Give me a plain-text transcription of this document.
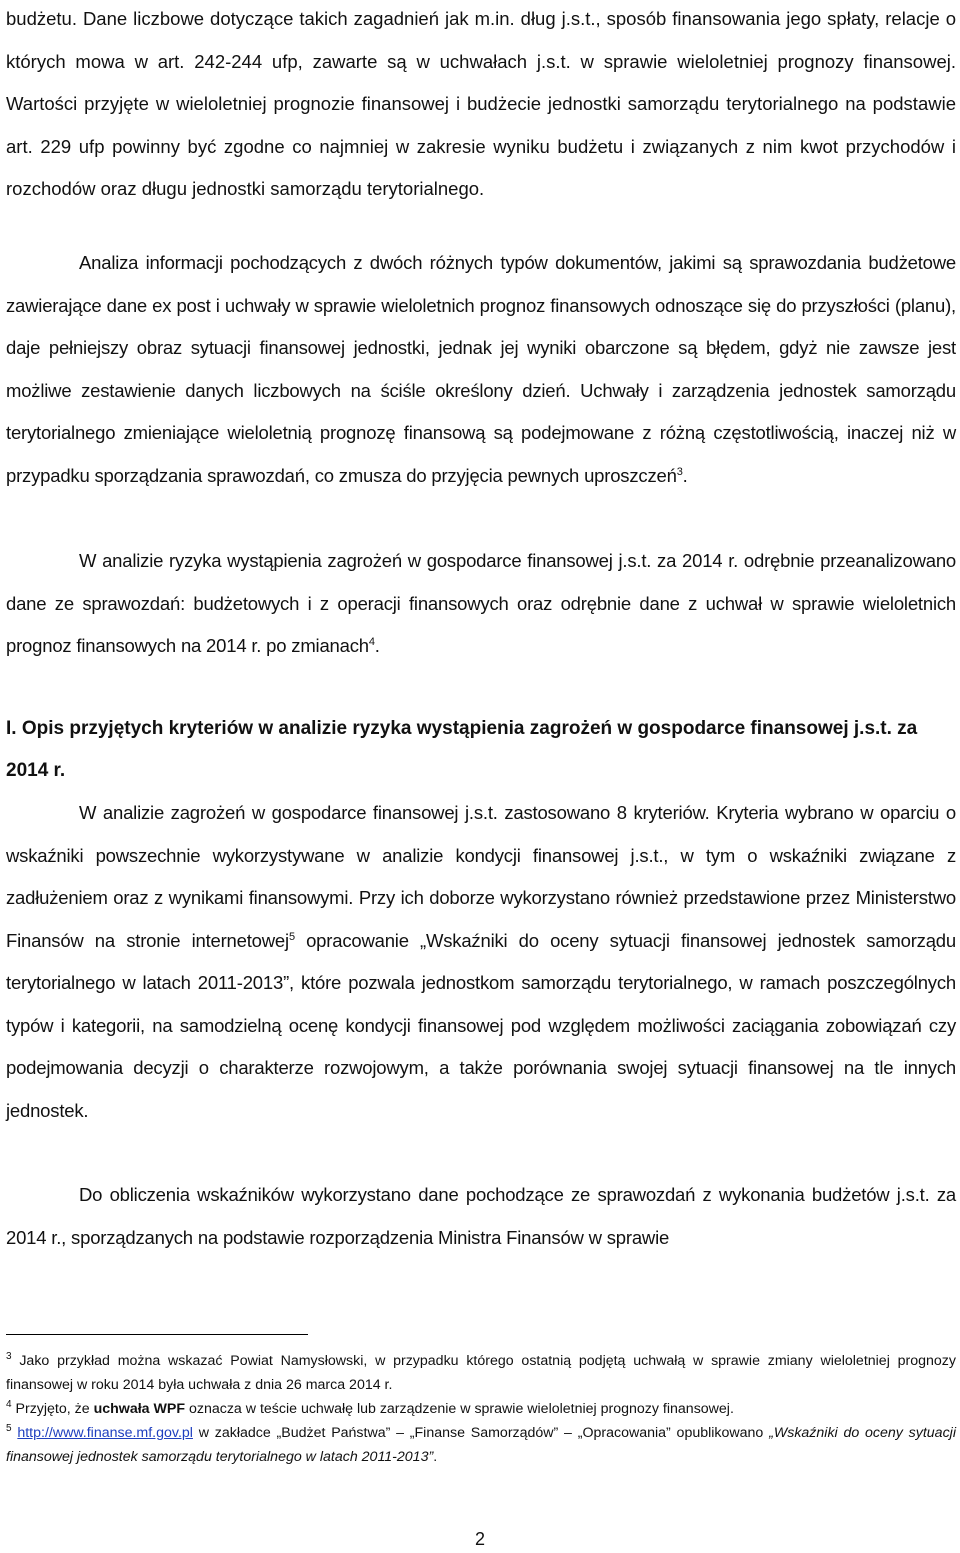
budżetu. Dane liczbowe dotyczące takich zagadnień jak m.in. dług j.s.t., sposób finansowania jego spłaty, relacje o których mowa w art. 242-244 ufp, zawarte są w uchwałach j.s.t. w sprawie wieloletniej prognozy finansowej. Wartości przyjęte w wieloletniej prognozie finansowej i budżecie jednostki samorządu terytorialnego na podstawie art. 229 ufp powinny być zgodne co najmniej w zakresie wyniku budżetu i związanych z nim kwot przychodów i rozchodów oraz długu jednostki samorządu terytorialnego.

Analiza informacji pochodzących z dwóch różnych typów dokumentów, jakimi są sprawozdania budżetowe zawierające dane ex post i uchwały w sprawie wieloletnich prognoz finansowych odnoszące się do przyszłości (planu), daje pełniejszy obraz sytuacji finansowej jednostki, jednak jej wyniki obarczone są błędem, gdyż nie zawsze jest możliwe zestawienie danych liczbowych na ściśle określony dzień. Uchwały i zarządzenia jednostek samorządu terytorialnego zmieniające wieloletnią prognozę finansową są podejmowane z różną częstotliwością, inaczej niż w przypadku sporządzania sprawozdań, co zmusza do przyjęcia pewnych uproszczeń$^3$.

W analizie ryzyka wystąpienia zagrożeń w gospodarce finansowej j.s.t. za 2014 r. odrębnie przeanalizowano dane ze sprawozdań: budżetowych i z operacji finansowych oraz odrębnie dane z uchwał w sprawie wieloletnich prognoz finansowych na 2014 r. po zmianach$^4$.

I. Opis przyjętych kryteriów w analizie ryzyka wystąpienia zagrożeń w gospodarce finansowej j.s.t. za 2014 r.

W analizie zagrożeń w gospodarce finansowej j.s.t. zastosowano 8 kryteriów. Kryteria wybrano w oparciu o wskaźniki powszechnie wykorzystywane w analizie kondycji finansowej j.s.t., w tym o wskaźniki związane z zadłużeniem oraz z wynikami finansowymi. Przy ich doborze wykorzystano również przedstawione przez Ministerstwo Finansów na stronie internetowej$^5$ opracowanie „Wskaźniki do oceny sytuacji finansowej jednostek samorządu terytorialnego w latach 2011-2013”, które pozwala jednostkom samorządu terytorialnego, w ramach poszczególnych typów i kategorii, na samodzielną ocenę kondycji finansowej pod względem możliwości zaciągania zobowiązań czy podejmowania decyzji o charakterze rozwojowym, a także porównania swojej sytuacji finansowej na tle innych jednostek.

Do obliczenia wskaźników wykorzystano dane pochodzące ze sprawozdań z wykonania budżetów j.s.t. za 2014 r., sporządzanych na podstawie rozporządzenia Ministra Finansów w sprawie

$^3$ Jako przykład można wskazać Powiat Namysłowski, w przypadku którego ostatnią podjętą uchwałą w sprawie zmiany wieloletniej prognozy finansowej w roku 2014 była uchwała z dnia 26 marca 2014 r.

$^4$ Przyjęto, że uchwała WPF oznacza w teście uchwałę lub zarządzenie w sprawie wieloletniej prognozy finansowej.

$^5$ http://www.finanse.mf.gov.pl w zakładce „Budżet Państwa” – „Finanse Samorządów” – „Opracowania” opublikowano „Wskaźniki do oceny sytuacji finansowej jednostek samorządu terytorialnego w latach 2011-2013”.

2
